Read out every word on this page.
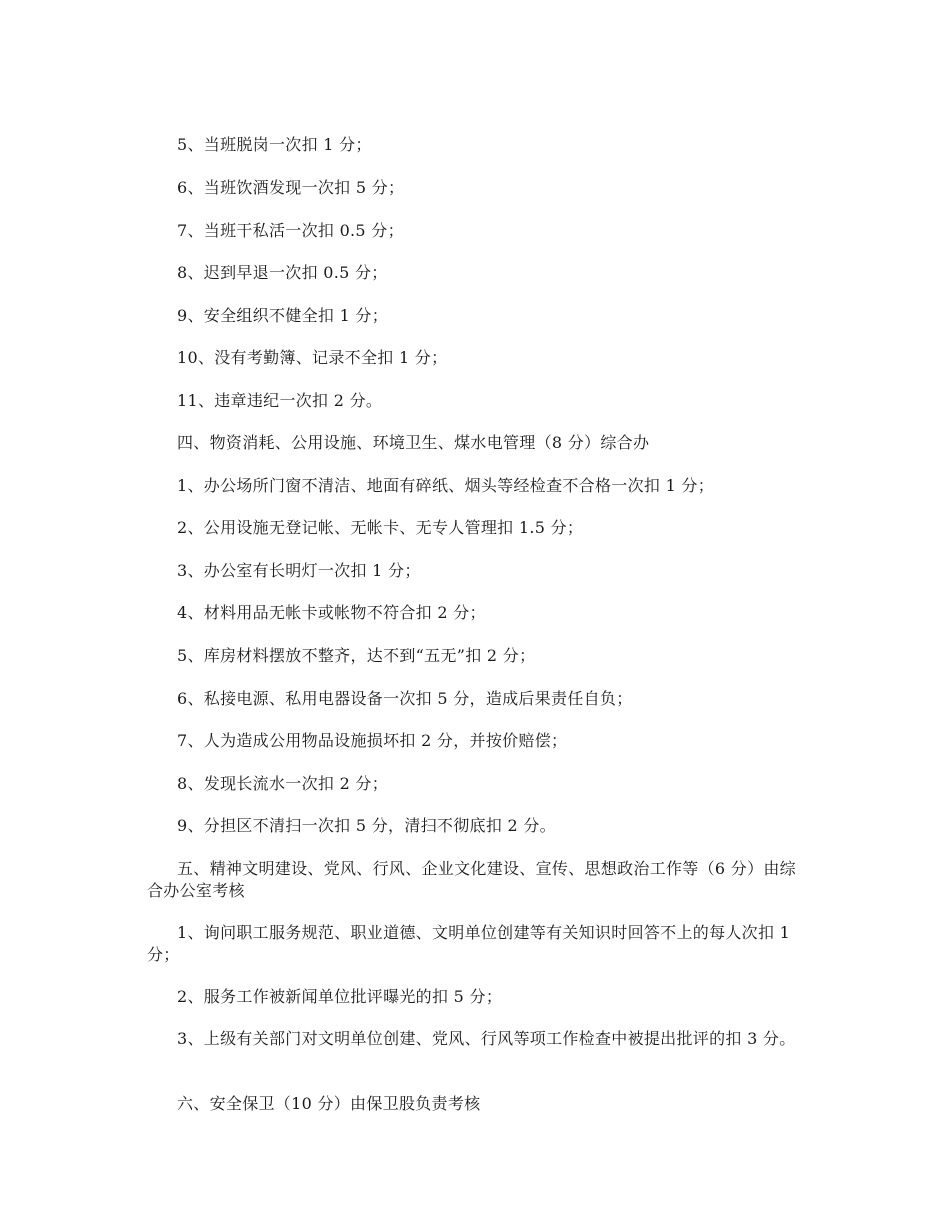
5、当班脱岗一次扣 1 分；

6、当班饮酒发现一次扣 5 分；

7、当班干私活一次扣 0.5 分；

8、迟到早退一次扣 0.5 分；

9、安全组织不健全扣 1 分；

10、没有考勤簿、记录不全扣 1 分；

11、违章违纪一次扣 2 分。

四、物资消耗、公用设施、环境卫生、煤水电管理（8 分）综合办

1、办公场所门窗不清洁、地面有碎纸、烟头等经检查不合格一次扣 1 分；

2、公用设施无登记帐、无帐卡、无专人管理扣 1.5 分；

3、办公室有长明灯一次扣 1 分；

4、材料用品无帐卡或帐物不符合扣 2 分；

5、库房材料摆放不整齐，达不到“五无”扣 2 分；

6、私接电源、私用电器设备一次扣 5 分，造成后果责任自负；

7、人为造成公用物品设施损坏扣 2 分，并按价赔偿；

8、发现长流水一次扣 2 分；

9、分担区不清扫一次扣 5 分，清扫不彻底扣 2 分。

五、精神文明建设、党风、行风、企业文化建设、宣传、思想政治工作等（6 分）由综合办公室考核

1、询问职工服务规范、职业道德、文明单位创建等有关知识时回答不上的每人次扣 1 分；

2、服务工作被新闻单位批评曝光的扣 5 分；

3、上级有关部门对文明单位创建、党风、行风等项工作检查中被提出批评的扣 3 分。

六、安全保卫（10 分）由保卫股负责考核
